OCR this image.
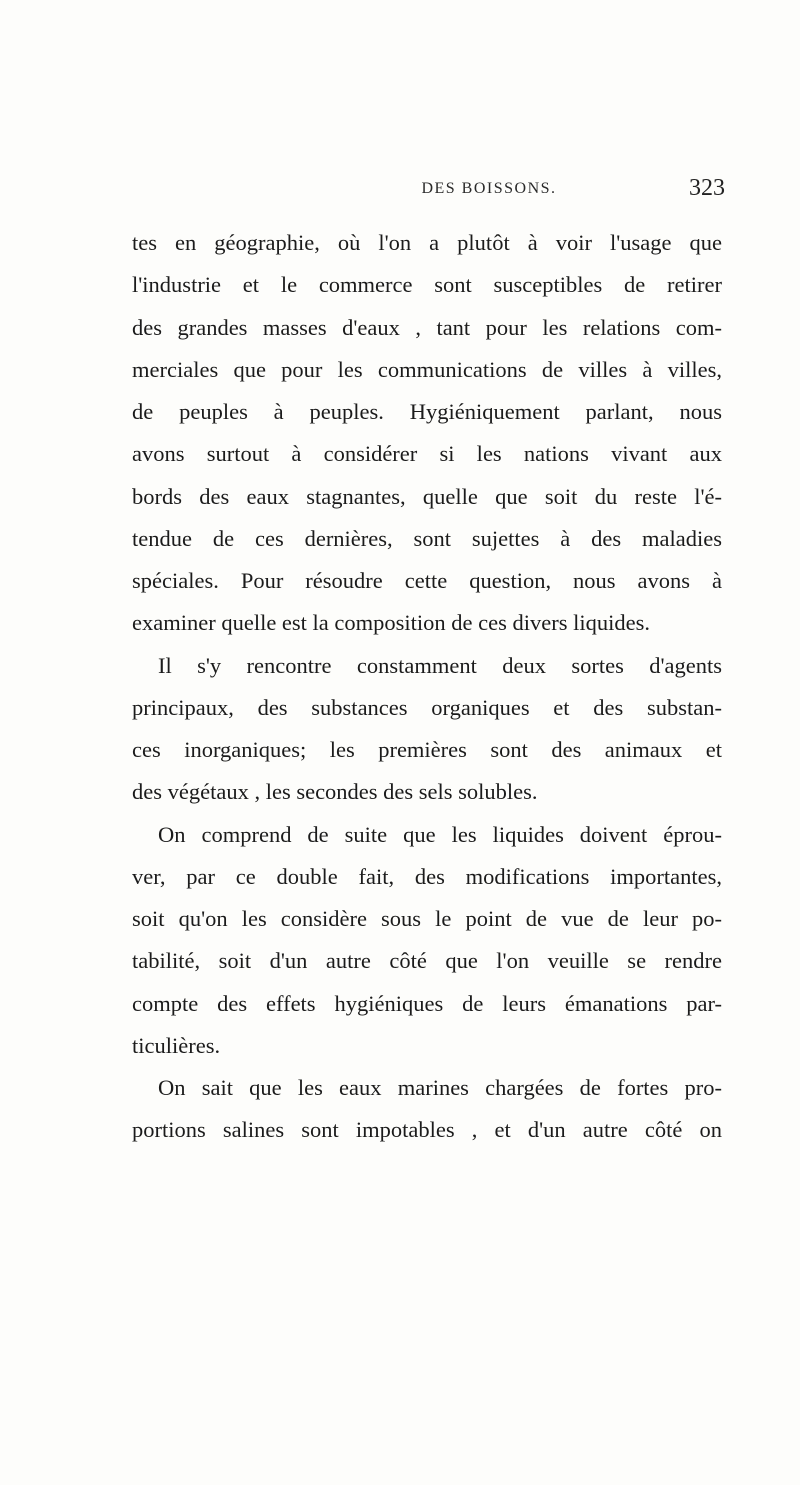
DES BOISSONS.	323
tes en géographie, où l'on a plutôt à voir l'usage que
l'industrie et le commerce sont susceptibles de retirer
des grandes masses d'eaux , tant pour les relations com-
merciales que pour les communications de villes à villes,
de peuples à peuples. Hygiéniquement parlant, nous
avons surtout à considérer si les nations vivant aux
bords des eaux stagnantes, quelle que soit du reste l'é-
tendue de ces dernières, sont sujettes à des maladies
spéciales. Pour résoudre cette question, nous avons à
examiner quelle est la composition de ces divers liquides.
Il s'y rencontre constamment deux sortes d'agents
principaux, des substances organiques et des substan-
ces inorganiques; les premières sont des animaux et
des végétaux , les secondes des sels solubles.
On comprend de suite que les liquides doivent éprou-
ver, par ce double fait, des modifications importantes,
soit qu'on les considère sous le point de vue de leur po-
tabilité, soit d'un autre côté que l'on veuille se rendre
compte des effets hygiéniques de leurs émanations par-
ticulières.
On sait que les eaux marines chargées de fortes pro-
portions salines sont impotables , et d'un autre côté on
